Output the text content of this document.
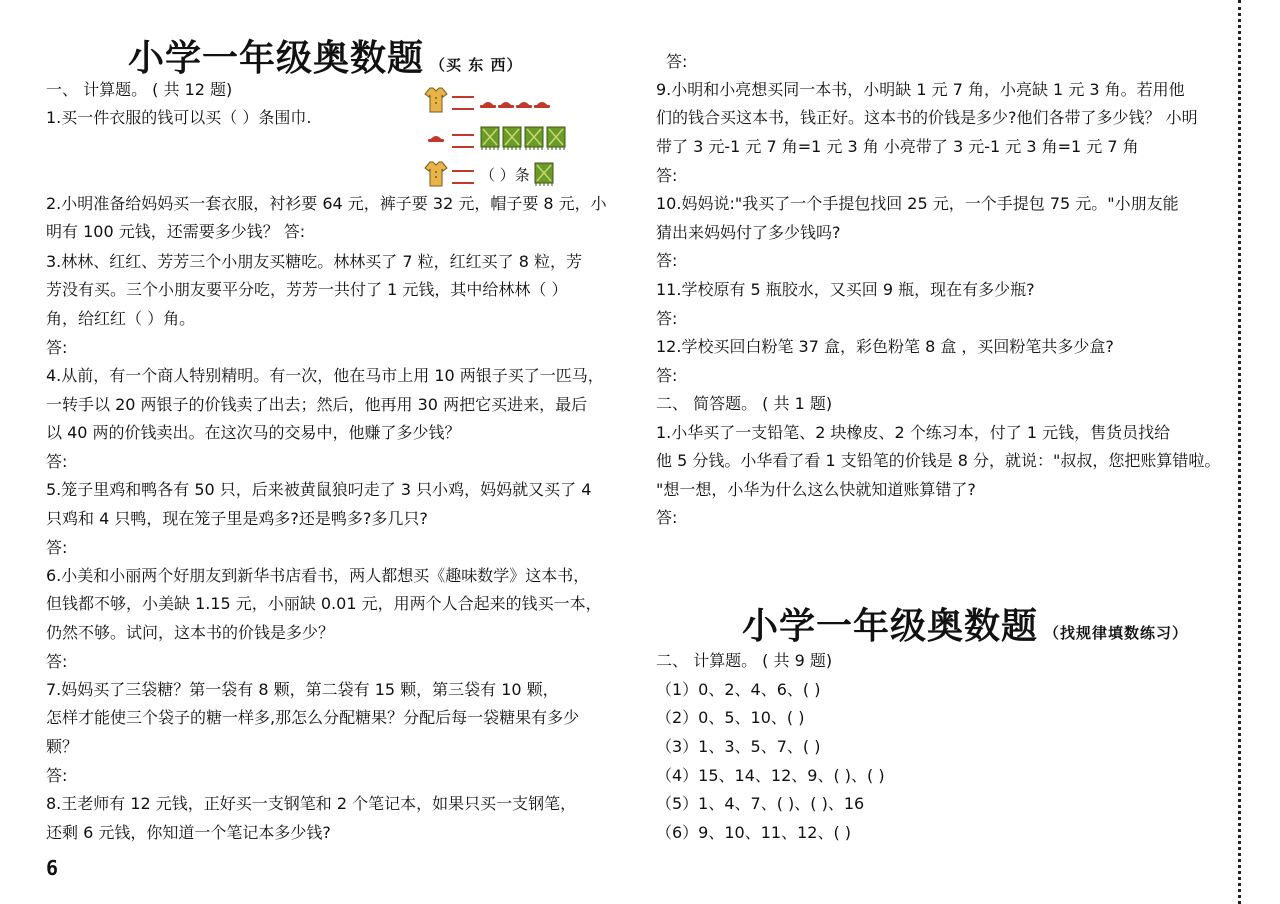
小学一年级奥数题 （买 东 西）
一、 计算题。 ( 共 12 题)
1.买一件衣服的钱可以买（ ）条围巾.
2.小明准备给妈妈买一套衣服，衬衫要 64 元，裤子要 32 元，帽子要 8 元，小
明有 100 元钱，还需要多少钱？ 答:
3.林林、红红、芳芳三个小朋友买糖吃。林林买了 7 粒，红红买了 8 粒，芳
芳没有买。三个小朋友要平分吃，芳芳一共付了 1 元钱，其中给林林（ ）
角，给红红（ ）角。
答:
4.从前，有一个商人特别精明。有一次，他在马市上用 10 两银子买了一匹马，
一转手以 20 两银子的价钱卖了出去；然后，他再用 30 两把它买进来，最后
以 40 两的价钱卖出。在这次马的交易中，他赚了多少钱？
答:
5.笼子里鸡和鸭各有 50 只，后来被黄鼠狼叼走了 3 只小鸡，妈妈就又买了 4
只鸡和 4 只鸭，现在笼子里是鸡多?还是鸭多?多几只?
答:
6.小美和小丽两个好朋友到新华书店看书，两人都想买《趣味数学》这本书，
但钱都不够，小美缺 1.15 元，小丽缺 0.01 元，用两个人合起来的钱买一本，
仍然不够。试问，这本书的价钱是多少？
答:
7.妈妈买了三袋糖？第一袋有 8 颗，第二袋有 15 颗，第三袋有 10 颗，
怎样才能使三个袋子的糖一样多,那怎么分配糖果？分配后每一袋糖果有多少
颗？
答:
8.王老师有 12 元钱，正好买一支钢笔和 2 个笔记本，如果只买一支钢笔，
还剩 6 元钱，你知道一个笔记本多少钱?
（ ）条
6
答:
9.小明和小亮想买同一本书，小明缺 1 元 7 角，小亮缺 1 元 3 角。若用他
们的钱合买这本书，钱正好。这本书的价钱是多少?他们各带了多少钱？ 小明
带了 3 元-1 元 7 角=1 元 3 角 小亮带了 3 元-1 元 3 角=1 元 7 角
答:
10.妈妈说:"我买了一个手提包找回 25 元，一个手提包 75 元。"小朋友能
猜出来妈妈付了多少钱吗?
答:
11.学校原有 5 瓶胶水，又买回 9 瓶，现在有多少瓶?
答:
12.学校买回白粉笔 37 盒，彩色粉笔 8 盒 ，买回粉笔共多少盒?
答:
二、 简答题。 ( 共 1 题)
1.小华买了一支铅笔、2 块橡皮、2 个练习本，付了 1 元钱，售货员找给
他 5 分钱。小华看了看 1 支铅笔的价钱是 8 分，就说："叔叔，您把账算错啦。
"想一想，小华为什么这么快就知道账算错了?
答:
小学一年级奥数题 （找规律填数练习）
二、 计算题。 ( 共 9 题)
（1）0、2、4、6、( )
（2）0、5、10、( )
（3）1、3、5、7、( )
（4）15、14、12、9、( )、( )
（5）1、4、7、( )、( )、16
（6）9、10、11、12、( )
